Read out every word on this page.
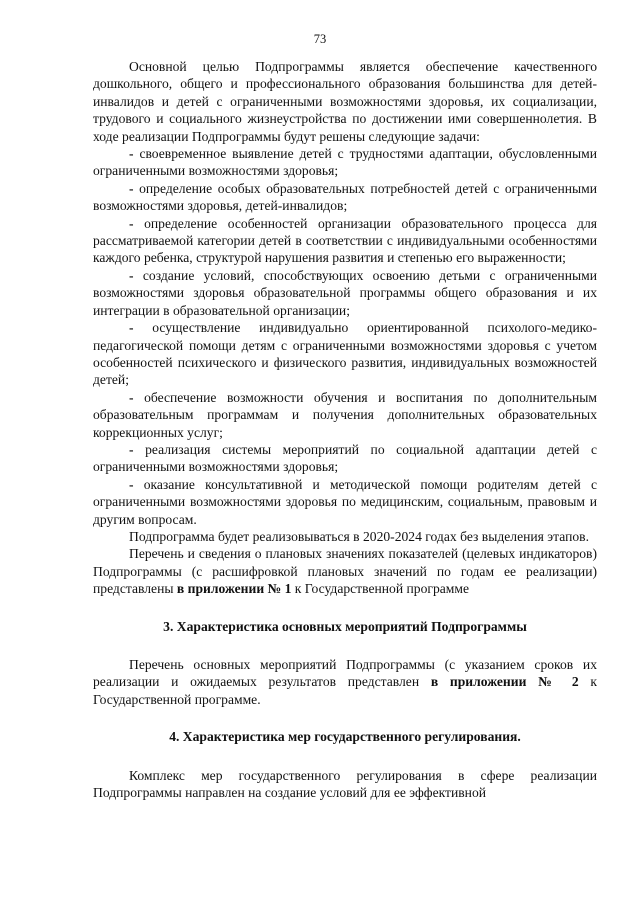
73

Основной целью Подпрограммы является обеспечение качественного дошкольного, общего и профессионального образования большинства для детей-инвалидов и детей с ограниченными возможностями здоровья, их социализации, трудового и социального жизнеустройства по достижении ими совершеннолетия. В ходе реализации Подпрограммы будут решены следующие задачи:

- своевременное выявление детей с трудностями адаптации, обусловленными ограниченными возможностями здоровья;

- определение особых образовательных потребностей детей с ограниченными возможностями здоровья, детей-инвалидов;

- определение особенностей организации образовательного процесса для рассматриваемой категории детей в соответствии с индивидуальными особенностями каждого ребенка, структурой нарушения развития и степенью его выраженности;

- создание условий, способствующих освоению детьми с ограниченными возможностями здоровья образовательной программы общего образования и их интеграции в образовательной организации;

- осуществление индивидуально ориентированной психолого-медико-педагогической помощи детям с ограниченными возможностями здоровья с учетом особенностей психического и физического развития, индивидуальных возможностей детей;

- обеспечение возможности обучения и воспитания по дополнительным образовательным программам и получения дополнительных образовательных коррекционных услуг;

- реализация системы мероприятий по социальной адаптации детей с ограниченными возможностями здоровья;

- оказание консультативной и методической помощи родителям детей с ограниченными возможностями здоровья по медицинским, социальным, правовым и другим вопросам.

Подпрограмма будет реализовываться в 2020-2024 годах без выделения этапов.

Перечень и сведения о плановых значениях показателей (целевых индикаторов) Подпрограммы (с расшифровкой плановых значений по годам ее реализации) представлены в приложении № 1 к Государственной программе

3. Характеристика основных мероприятий Подпрограммы

Перечень основных мероприятий Подпрограммы (с указанием сроков их реализации и ожидаемых результатов представлен в приложении № 2 к Государственной программе.

4. Характеристика мер государственного регулирования.

Комплекс мер государственного регулирования в сфере реализации Подпрограммы направлен на создание условий для ее эффективной
